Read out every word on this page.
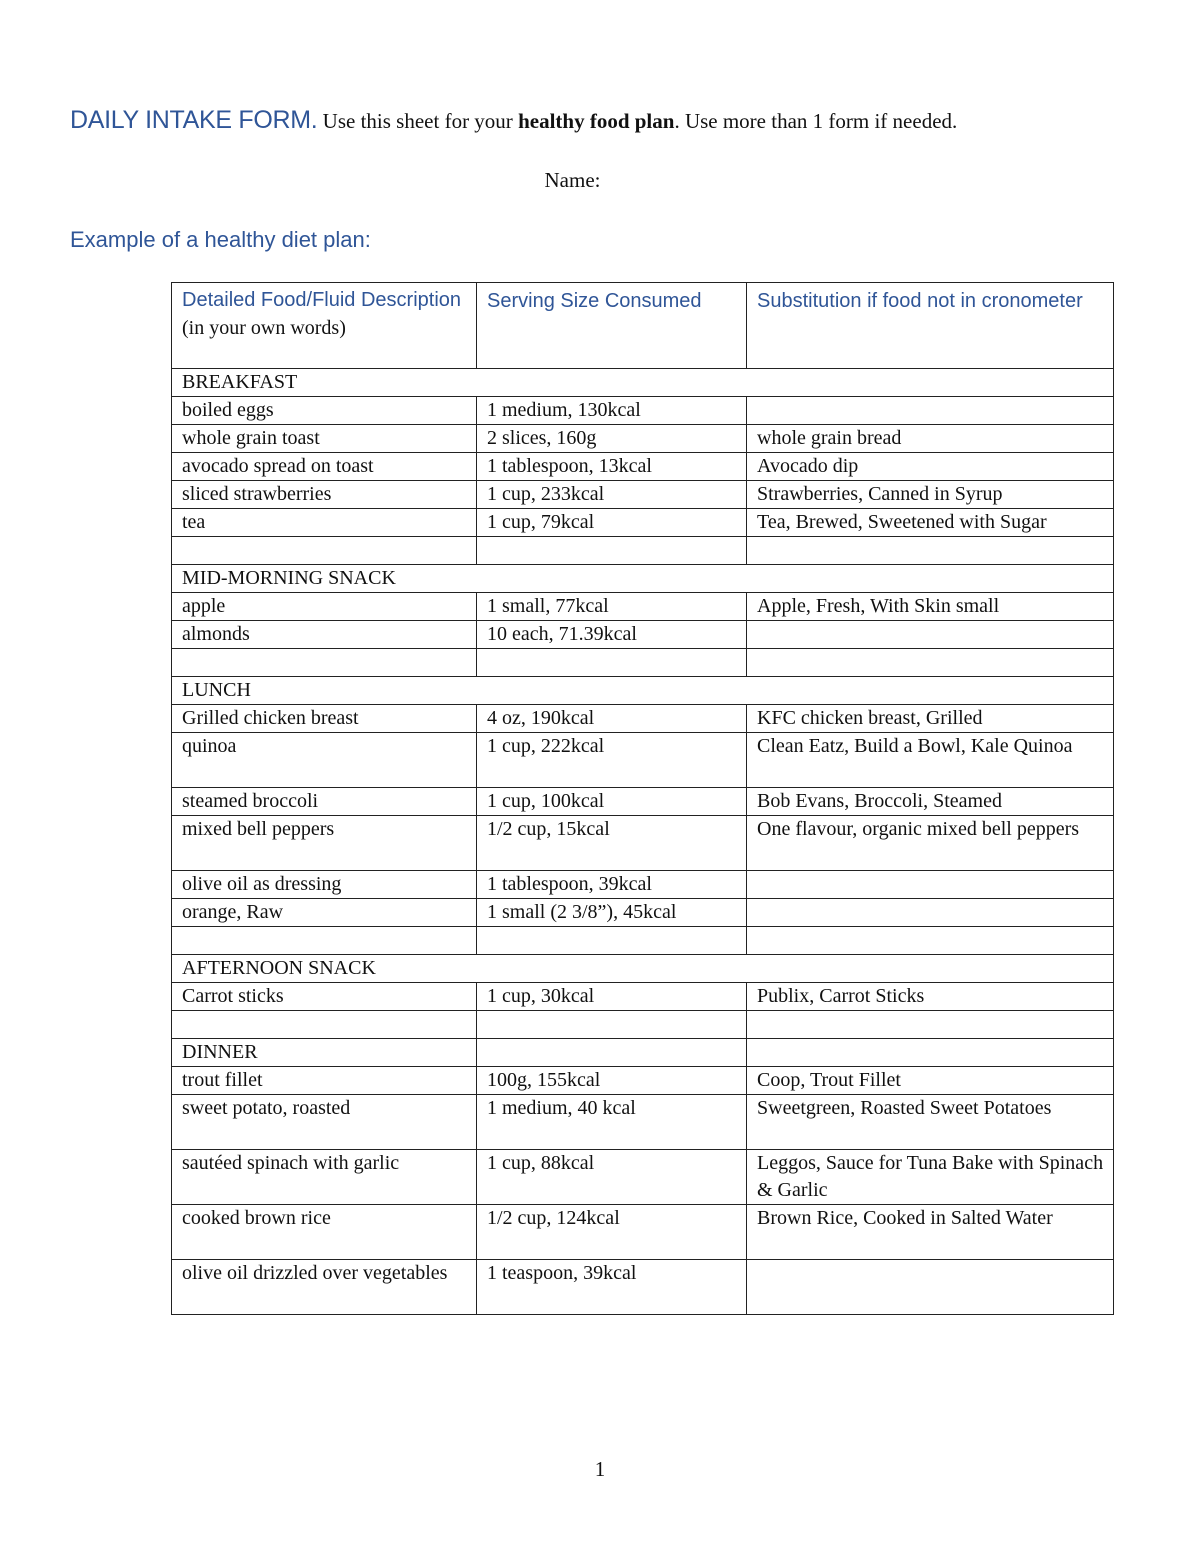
DAILY INTAKE FORM. Use this sheet for your healthy food plan. Use more than 1 form if needed.
Name:
Example of a healthy diet plan:
Detailed Food/Fluid Description (in your own words)	Serving Size Consumed	Substitution if food not in cronometer

BREAKFAST		
boiled eggs	1 medium, 130kcal	
whole grain toast	2 slices, 160g	whole grain bread
avocado spread on toast	1 tablespoon, 13kcal	Avocado dip
sliced strawberries	1 cup, 233kcal	Strawberries, Canned in Syrup
tea	1 cup, 79kcal	Tea, Brewed, Sweetened with Sugar

MID-MORNING SNACK		
apple	1 small, 77kcal	Apple, Fresh, With Skin small
almonds	10 each, 71.39kcal	

LUNCH		
Grilled chicken breast	4 oz, 190kcal	KFC chicken breast, Grilled
quinoa	1 cup, 222kcal	Clean Eatz, Build a Bowl, Kale Quinoa
steamed broccoli	1 cup, 100kcal	Bob Evans, Broccoli, Steamed
mixed bell peppers	1/2 cup, 15kcal	One flavour, organic mixed bell peppers
olive oil as dressing	1 tablespoon, 39kcal	
orange, Raw	1 small (2 3/8”), 45kcal	

AFTERNOON SNACK		
Carrot sticks	1 cup, 30kcal	Publix, Carrot Sticks

DINNER		
trout fillet	100g, 155kcal	Coop, Trout Fillet
sweet potato, roasted	1 medium, 40 kcal	Sweetgreen, Roasted Sweet Potatoes
sautéed spinach with garlic	1 cup, 88kcal	Leggos, Sauce for Tuna Bake with Spinach & Garlic
cooked brown rice	1/2 cup, 124kcal	Brown Rice, Cooked in Salted Water
olive oil drizzled over vegetables	1 teaspoon, 39kcal	
1
